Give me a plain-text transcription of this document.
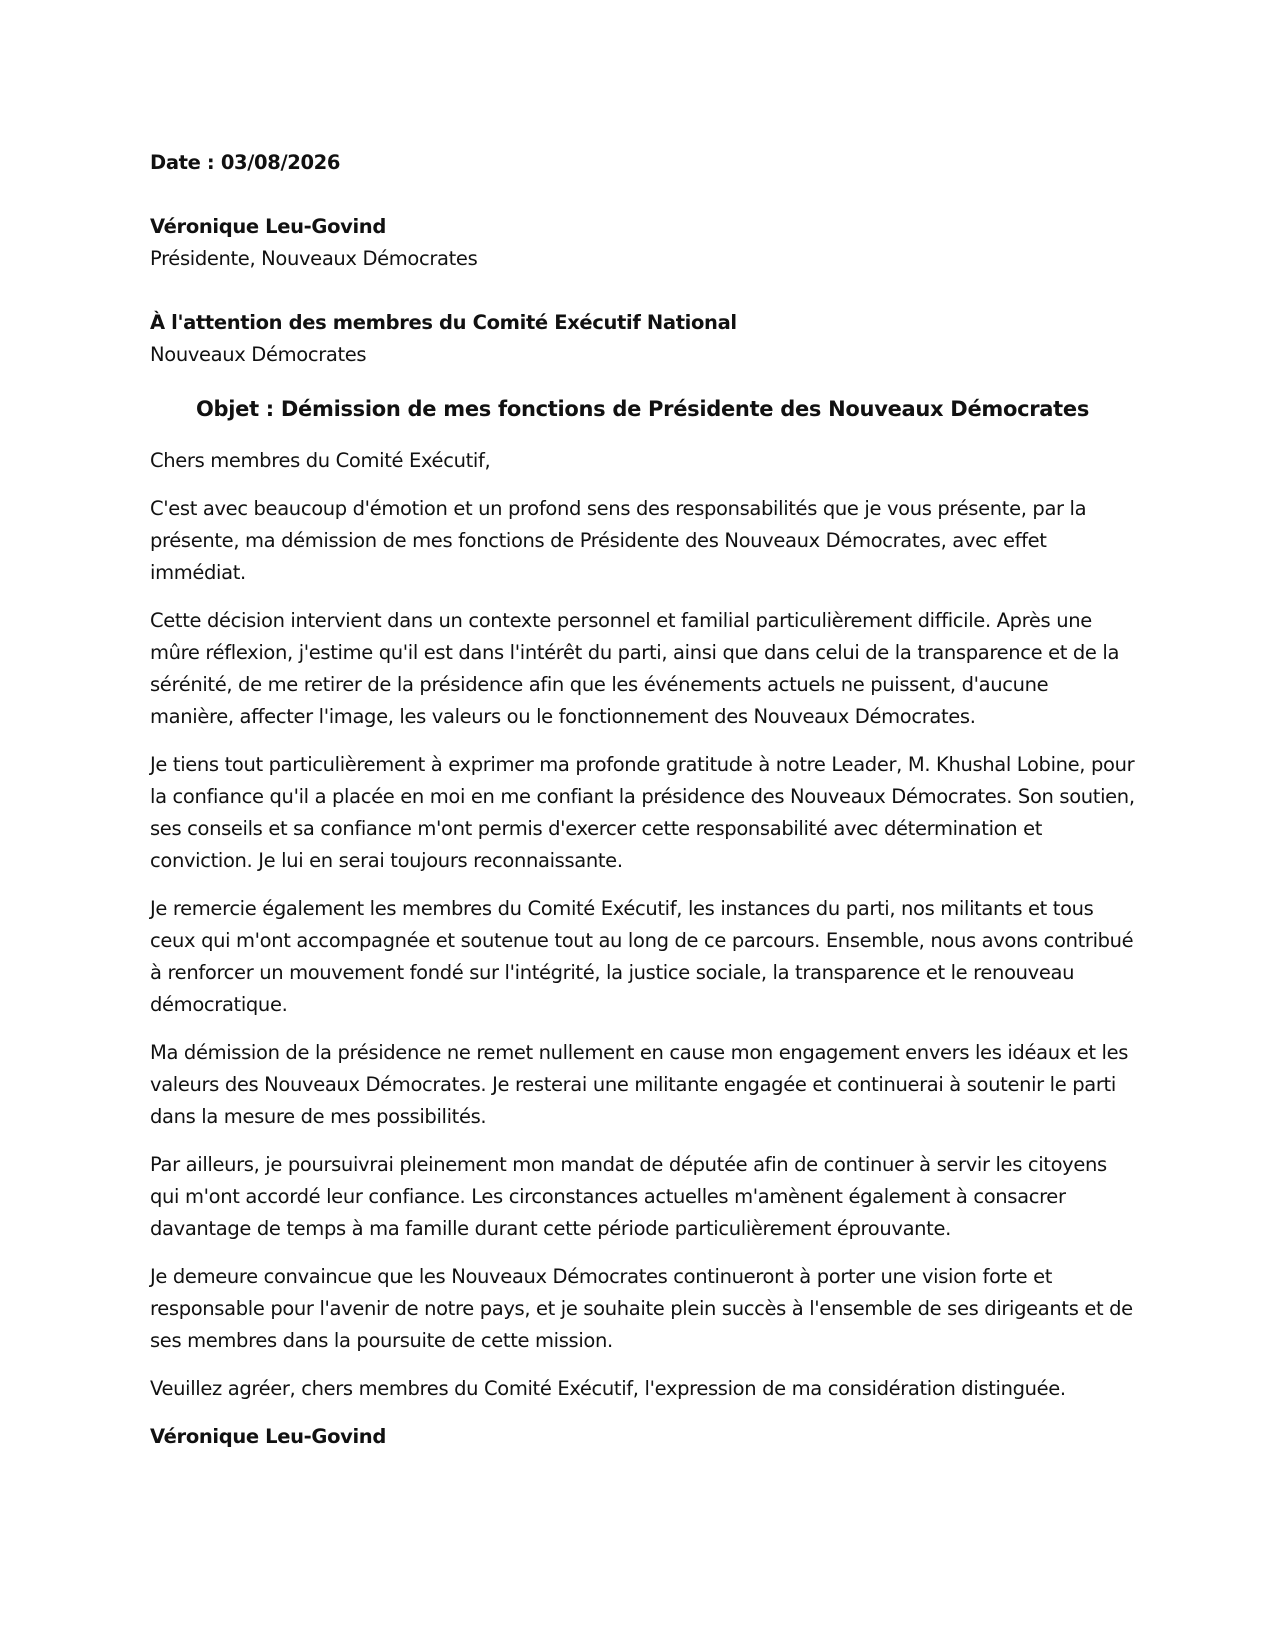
Date : 03/08/2026

Véronique Leu-Govind

Présidente, Nouveaux Démocrates

À l'attention des membres du Comité Exécutif National

Nouveaux Démocrates

Objet : Démission de mes fonctions de Présidente des Nouveaux Démocrates

Chers membres du Comité Exécutif,

C'est avec beaucoup d'émotion et un profond sens des responsabilités que je vous présente, par la présente, ma démission de mes fonctions de Présidente des Nouveaux Démocrates, avec effet immédiat.

Cette décision intervient dans un contexte personnel et familial particulièrement difficile. Après une mûre réflexion, j'estime qu'il est dans l'intérêt du parti, ainsi que dans celui de la transparence et de la sérénité, de me retirer de la présidence afin que les événements actuels ne puissent, d'aucune manière, affecter l'image, les valeurs ou le fonctionnement des Nouveaux Démocrates.

Je tiens tout particulièrement à exprimer ma profonde gratitude à notre Leader, M. Khushal Lobine, pour la confiance qu'il a placée en moi en me confiant la présidence des Nouveaux Démocrates. Son soutien, ses conseils et sa confiance m'ont permis d'exercer cette responsabilité avec détermination et conviction. Je lui en serai toujours reconnaissante.

Je remercie également les membres du Comité Exécutif, les instances du parti, nos militants et tous ceux qui m'ont accompagnée et soutenue tout au long de ce parcours. Ensemble, nous avons contribué à renforcer un mouvement fondé sur l'intégrité, la justice sociale, la transparence et le renouveau démocratique.

Ma démission de la présidence ne remet nullement en cause mon engagement envers les idéaux et les valeurs des Nouveaux Démocrates. Je resterai une militante engagée et continuerai à soutenir le parti dans la mesure de mes possibilités.

Par ailleurs, je poursuivrai pleinement mon mandat de députée afin de continuer à servir les citoyens qui m'ont accordé leur confiance. Les circonstances actuelles m'amènent également à consacrer davantage de temps à ma famille durant cette période particulièrement éprouvante.

Je demeure convaincue que les Nouveaux Démocrates continueront à porter une vision forte et responsable pour l'avenir de notre pays, et je souhaite plein succès à l'ensemble de ses dirigeants et de ses membres dans la poursuite de cette mission.

Veuillez agréer, chers membres du Comité Exécutif, l'expression de ma considération distinguée.

Véronique Leu-Govind
